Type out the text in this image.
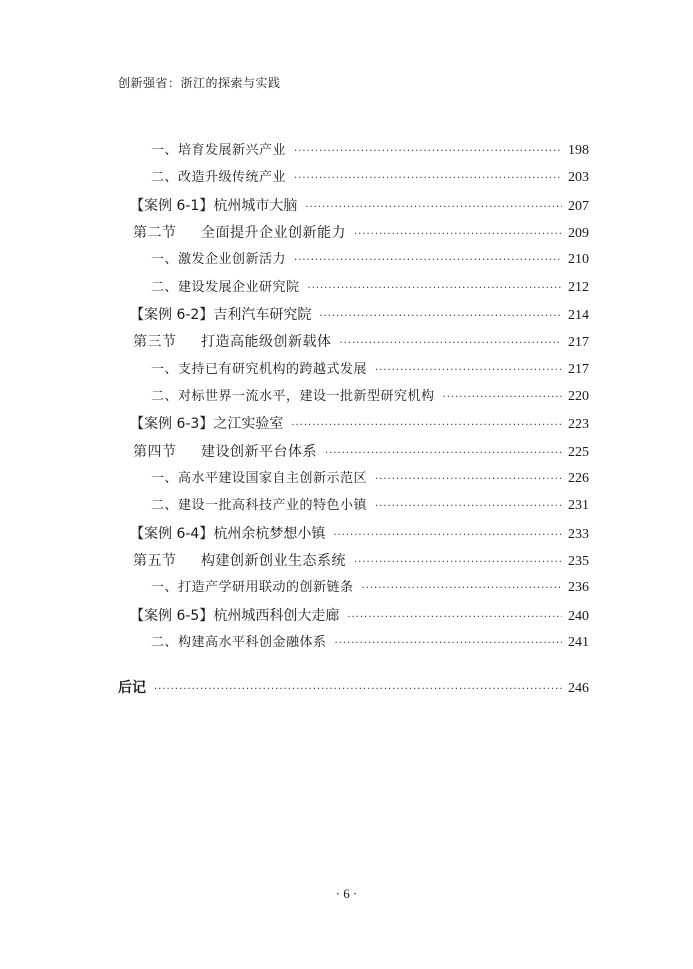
创新强省：浙江的探索与实践
一、培育发展新兴产业 ·····	198
二、改造升级传统产业 ·····	203
【案例 6-1】杭州城市大脑 ·····	207
第二节 全面提升企业创新能力 ·····	209
一、激发企业创新活力 ·····	210
二、建设发展企业研究院 ·····	212
【案例 6-2】吉利汽车研究院 ·····	214
第三节 打造高能级创新载体 ·····	217
一、支持已有研究机构的跨越式发展 ·····	217
二、对标世界一流水平，建设一批新型研究机构 ·····	220
【案例 6-3】之江实验室 ·····	223
第四节 建设创新平台体系 ·····	225
一、高水平建设国家自主创新示范区 ·····	226
二、建设一批高科技产业的特色小镇 ·····	231
【案例 6-4】杭州余杭梦想小镇 ·····	233
第五节 构建创新创业生态系统 ·····	235
一、打造产学研用联动的创新链条 ·····	236
【案例 6-5】杭州城西科创大走廊 ·····	240
二、构建高水平科创金融体系 ·····	241
后记 ·····	246
· 6 ·
